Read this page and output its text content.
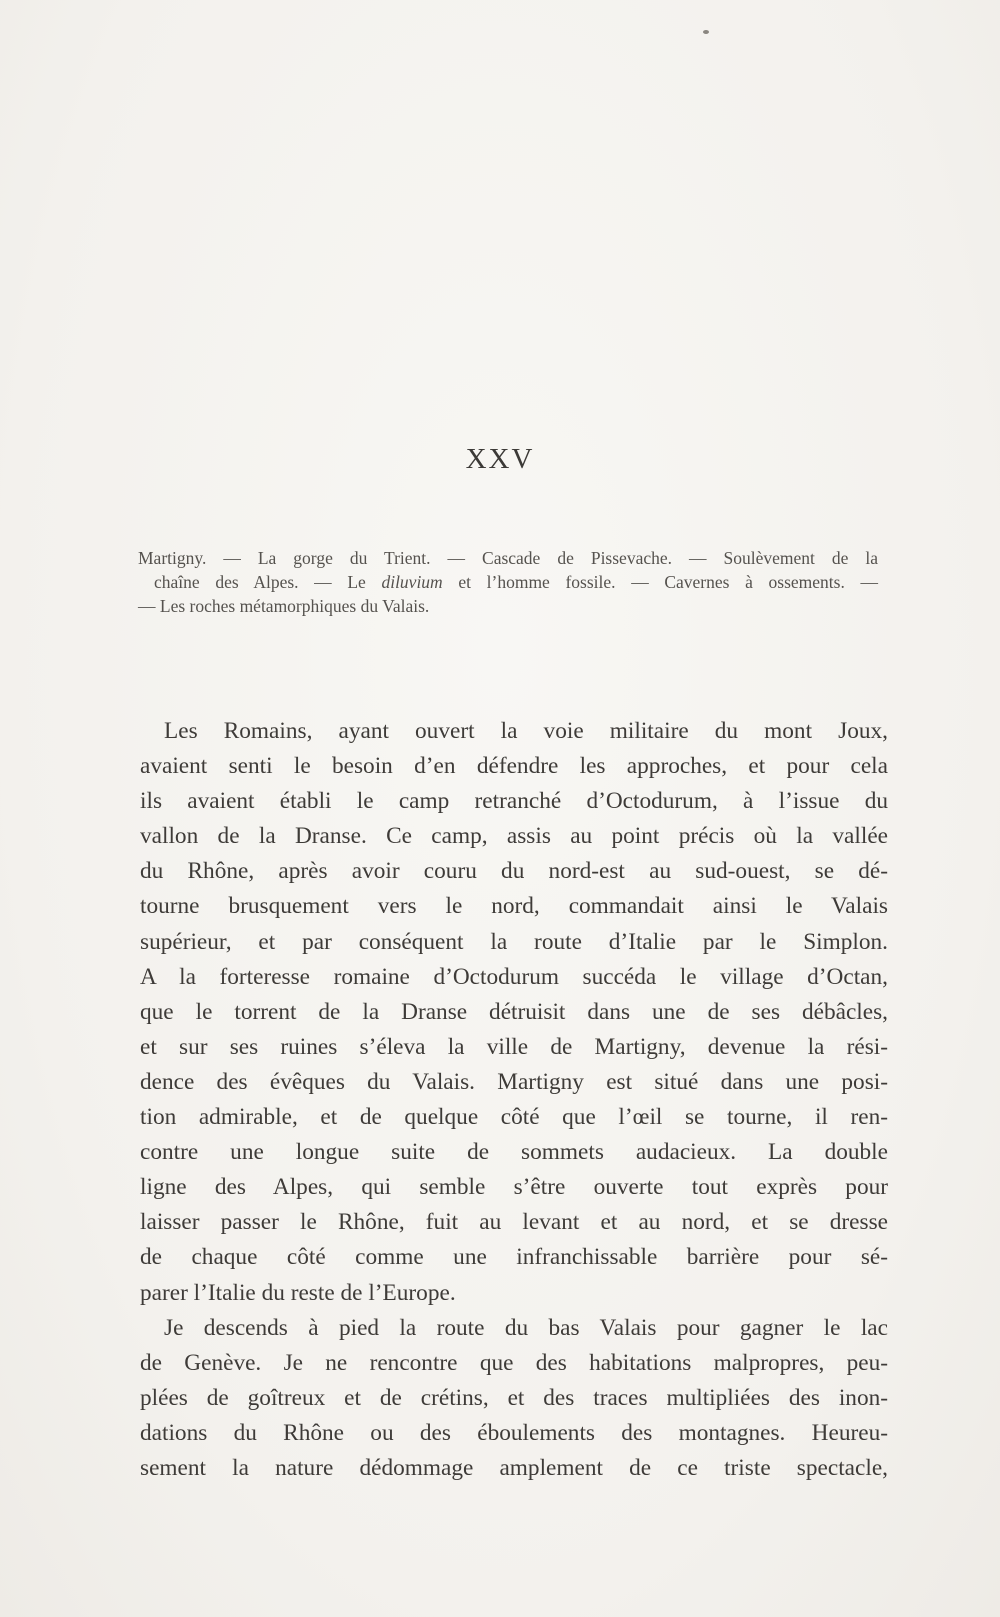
XXV
Martigny. — La gorge du Trient. — Cascade de Pissevache. — Soulèvement de la
chaîne des Alpes. — Le diluvium et l’homme fossile. — Cavernes à ossements. —
— Les roches métamorphiques du Valais.
Les Romains, ayant ouvert la voie militaire du mont Joux,
avaient senti le besoin d’en défendre les approches, et pour cela
ils avaient établi le camp retranché d’Octodurum, à l’issue du
vallon de la Dranse. Ce camp, assis au point précis où la vallée
du Rhône, après avoir couru du nord-est au sud-ouest, se dé-
tourne brusquement vers le nord, commandait ainsi le Valais
supérieur, et par conséquent la route d’Italie par le Simplon.
A la forteresse romaine d’Octodurum succéda le village d’Octan,
que le torrent de la Dranse détruisit dans une de ses débâcles,
et sur ses ruines s’éleva la ville de Martigny, devenue la rési-
dence des évêques du Valais. Martigny est situé dans une posi-
tion admirable, et de quelque côté que l’œil se tourne, il ren-
contre une longue suite de sommets audacieux. La double
ligne des Alpes, qui semble s’être ouverte tout exprès pour
laisser passer le Rhône, fuit au levant et au nord, et se dresse
de chaque côté comme une infranchissable barrière pour sé-
parer l’Italie du reste de l’Europe.
Je descends à pied la route du bas Valais pour gagner le lac
de Genève. Je ne rencontre que des habitations malpropres, peu-
plées de goîtreux et de crétins, et des traces multipliées des inon-
dations du Rhône ou des éboulements des montagnes. Heureu-
sement la nature dédommage amplement de ce triste spectacle,
